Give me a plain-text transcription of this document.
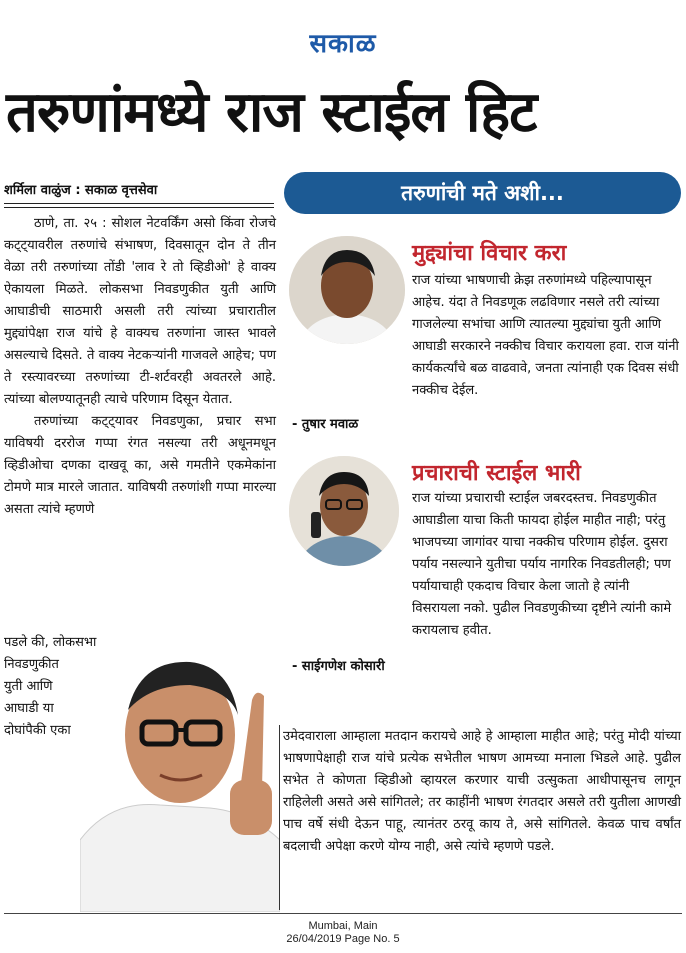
सकाळ
तरुणांमध्ये राज स्टाईल हिट
शर्मिला वाळुंज : सकाळ वृत्तसेवा	तरुणांची मते अशी...

ठाणे, ता. २५ : सोशल नेटवर्किंग असो किंवा रोजचे कट्ट्यावरील तरुणांचे संभाषण, दिवसातून दोन ते तीन वेळा तरी तरुणांच्या तोंडी 'लाव रे तो व्हिडीओ' हे वाक्य ऐकायला मिळते. लोकसभा निवडणुकीत युती आणि आघाडीची साठमारी असली तरी त्यांच्या प्रचारातील मुद्द्यांपेक्षा राज यांचे हे वाक्यच तरुणांना जास्त भावले असल्याचे दिसते. ते वाक्य नेटकऱ्यांनी गाजवले आहेच; पण ते रस्त्यावरच्या तरुणांच्या टी-शर्टवरही अवतरले आहे. त्यांच्या बोलण्यातूनही त्याचे परिणाम दिसून येतात.

तरुणांच्या कट्ट्यावर निवडणुका, प्रचार सभा याविषयी दररोज गप्पा रंगत नसल्या तरी अधूनमधून व्हिडीओचा दणका दाखवू का, असे गमतीने एकमेकांना टोमणे मात्र मारले जातात. याविषयी तरुणांशी गप्पा मारल्या असता त्यांचे म्हणणे

पडले की, लोकसभा
निवडणुकीत
युती आणि
आघाडी या
दोघांपैकी एका
मुद्द्यांचा विचार करा
राज यांच्या भाषणाची क्रेझ तरुणांमध्ये पहिल्यापासून आहेच. यंदा ते निवडणूक लढविणार नसले तरी त्यांच्या गाजलेल्या सभांचा आणि त्यातल्या मुद्द्यांचा युती आणि आघाडी सरकारने नक्कीच विचार करायला हवा. राज यांनी कार्यकर्त्यांचे बळ वाढवावे, जनता त्यांनाही एक दिवस संधी नक्कीच देईल.
- तुषार मवाळ
प्रचाराची स्टाईल भारी
राज यांच्या प्रचाराची स्टाईल जबरदस्तच. निवडणुकीत आघाडीला याचा किती फायदा होईल माहीत नाही; परंतु भाजपच्या जागांवर याचा नक्कीच परिणाम होईल. दुसरा पर्याय नसल्याने युतीचा पर्याय नागरिक निवडतीलही; पण पर्यायाचाही एकदाच विचार केला जातो हे त्यांनी विसरायला नको. पुढील निवडणुकीच्या दृष्टीने त्यांनी कामे करायलाच हवीत.
- साईगणेश कोसारी
उमेदवाराला आम्हाला मतदान करायचे आहे हे आम्हाला माहीत आहे; परंतु मोदी यांच्या भाषणापेक्षाही राज यांचे प्रत्येक सभेतील भाषण आमच्या मनाला भिडले आहे. पुढील सभेत ते कोणता व्हिडीओ व्हायरल करणार याची उत्सुकता आधीपासूनच लागून राहिलेली असते असे सांगितले; तर काहींनी भाषण रंगतदार असले तरी युतीला आणखी पाच वर्षे संधी देऊन पाहू, त्यानंतर ठरवू काय ते, असे सांगितले. केवळ पाच वर्षांत बदलाची अपेक्षा करणे योग्य नाही, असे त्यांचे म्हणणे पडले.
Mumbai, Main
26/04/2019 Page No. 5
